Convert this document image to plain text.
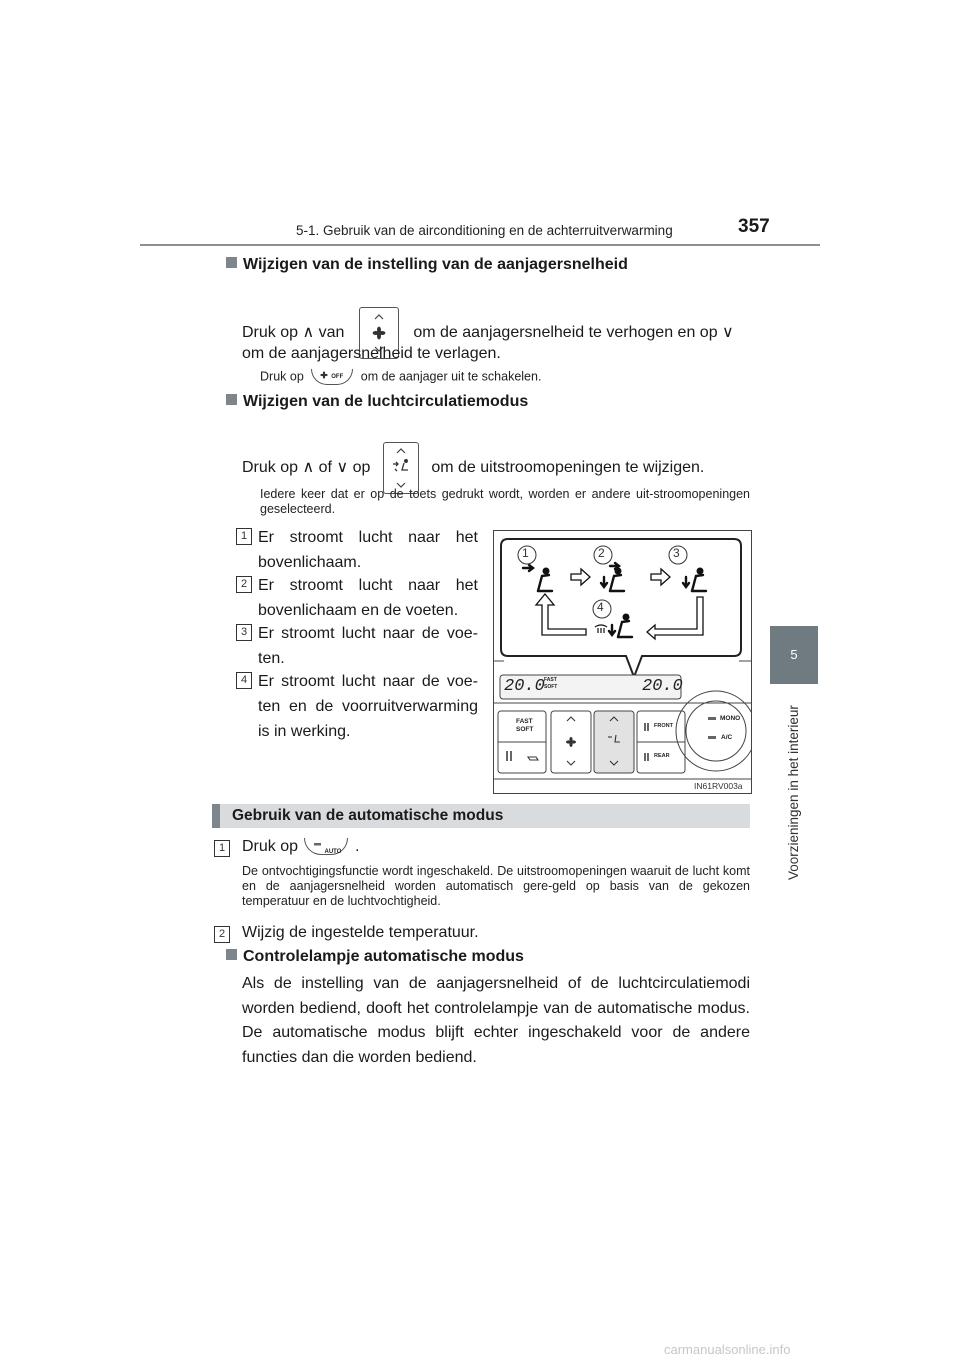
5-1. Gebruik van de airconditioning en de achterruitverwarming	357
5
Voorzieningen in het interieur
Wijzigen van de instelling van de aanjagersnelheid
Druk op ∧ van	om de aanjagersnelheid te verhogen en op ∨
om de aanjagersnelheid te verlagen.
Druk op	OFF om de aanjager uit te schakelen.
Wijzigen van de luchtcirculatiemodus
Druk op ∧ of ∨ op	om de uitstroomopeningen te wijzigen.
Iedere keer dat er op de toets gedrukt wordt, worden er andere uit-stroomopeningen geselecteerd.
1 Er stroomt lucht naar het bovenlichaam.
2 Er stroomt lucht naar het bovenlichaam en de voeten.
3 Er stroomt lucht naar de voe-ten.
4 Er stroomt lucht naar de voe-ten en de voorruitverwarming is in werking.
1	2	3
4
20.0 FAST
SOFT	20.0
FAST
SOFT	FRONT
REAR
MONO
A/C
IN61RV003a
Gebruik van de automatische modus
1	Druk op	AUTO .
De ontvochtigingsfunctie wordt ingeschakeld. De uitstroomopeningen waaruit de lucht komt en de aanjagersnelheid worden automatisch gere-geld op basis van de gekozen temperatuur en de luchtvochtigheid.
2	Wijzig de ingestelde temperatuur.
Controlelampje automatische modus
Als de instelling van de aanjagersnelheid of de luchtcirculatiemodi worden bediend, dooft het controlelampje van de automatische modus. De automatische modus blijft echter ingeschakeld voor de andere functies dan die worden bediend.
carmanualsonline.info
